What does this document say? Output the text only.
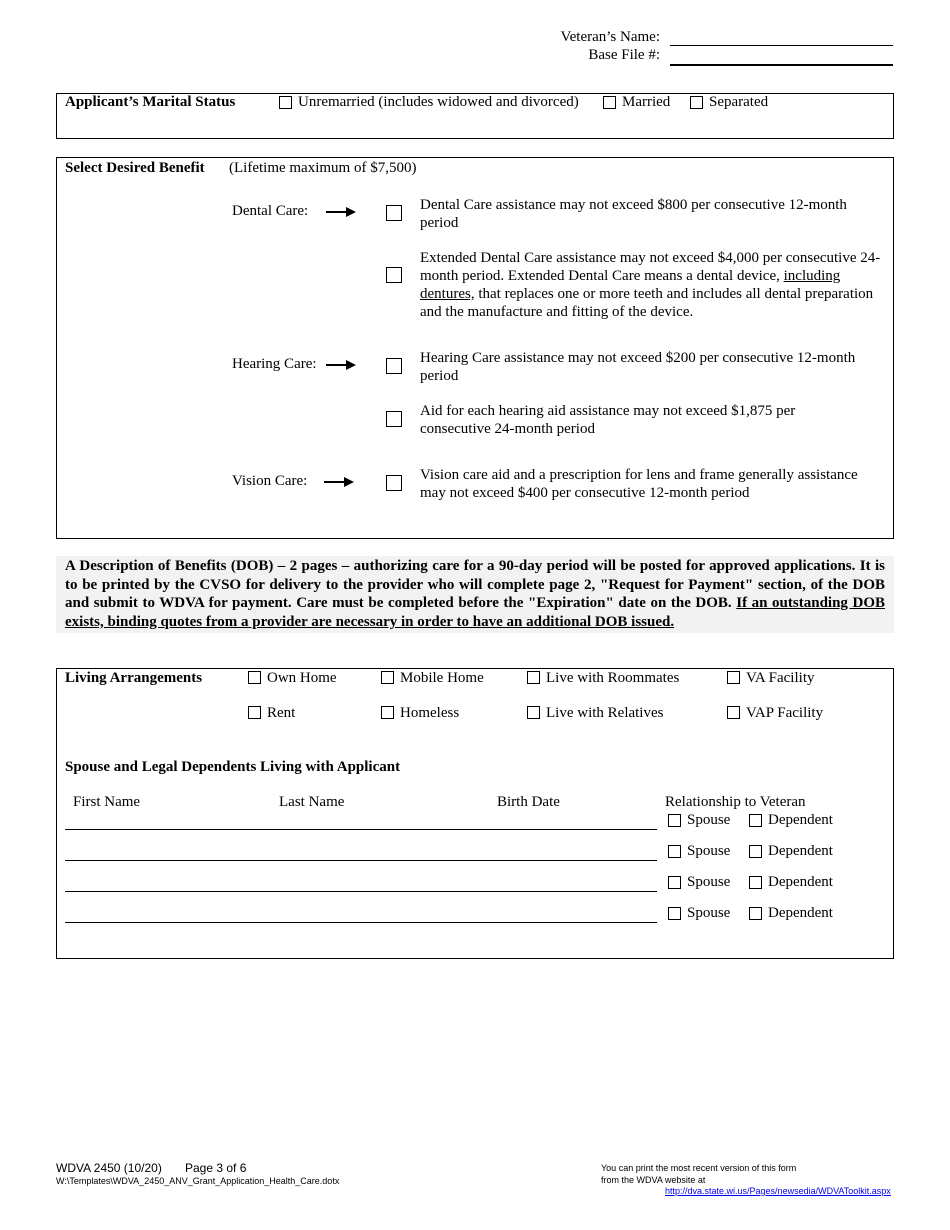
Veteran’s Name:
Base File #:
Applicant’s Marital Status	Unremarried (includes widowed and divorced)	Married	Separated
Select Desired Benefit (Lifetime maximum of $7,500)
Dental Care:	Dental Care assistance may not exceed $800 per consecutive 12-month period
Extended Dental Care assistance may not exceed $4,000 per consecutive 24-month period. Extended Dental Care means a dental device, including dentures, that replaces one or more teeth and includes all dental preparation and the manufacture and fitting of the device.
Hearing Care:	Hearing Care assistance may not exceed $200 per consecutive 12-month period
Aid for each hearing aid assistance may not exceed $1,875 per consecutive 24-month period
Vision Care:	Vision care aid and a prescription for lens and frame generally assistance may not exceed $400 per consecutive 12-month period
A Description of Benefits (DOB) – 2 pages – authorizing care for a 90-day period will be posted for approved applications. It is to be printed by the CVSO for delivery to the provider who will complete page 2, "Request for Payment" section, of the DOB and submit to WDVA for payment. Care must be completed before the "Expiration" date on the DOB. If an outstanding DOB exists, binding quotes from a provider are necessary in order to have an additional DOB issued.
Living Arrangements	Own Home	Mobile Home	Live with Roommates	VA Facility
Rent	Homeless	Live with Relatives	VAP Facility
Spouse and Legal Dependents Living with Applicant
First Name	Last Name	Birth Date	Relationship to Veteran
Spouse	Dependent
Spouse	Dependent
Spouse	Dependent
Spouse	Dependent
WDVA 2450 (10/20) Page 3 of 6
W:\Templates\WDVA_2450_ANV_Grant_Application_Health_Care.dotx
You can print the most recent version of this form
from the WDVA website at
http://dva.state.wi.us/Pages/newsedia/WDVAToolkit.aspx
